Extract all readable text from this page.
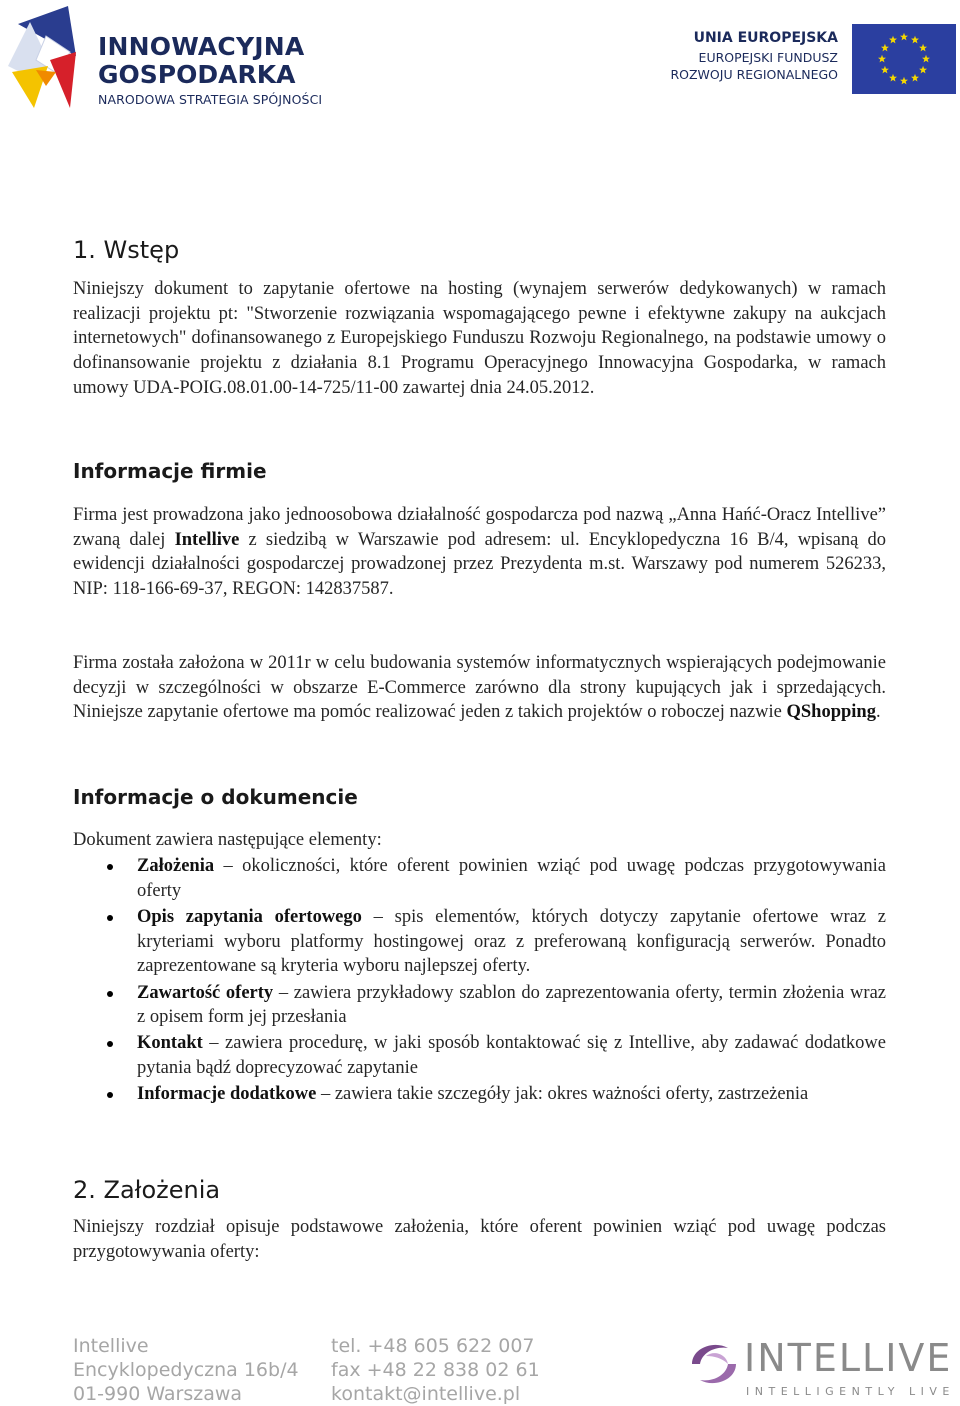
INNOWACYJNA
GOSPODARKA
NARODOWA STRATEGIA SPÓJNOŚCI
UNIA EUROPEJSKA
EUROPEJSKI FUNDUSZ
ROZWOJU REGIONALNEGO
1. Wstęp
Niniejszy dokument to zapytanie ofertowe na hosting (wynajem serwerów dedykowanych) w ramach realizacji projektu pt: "Stworzenie rozwiązania wspomagającego pewne i efektywne zakupy na aukcjach internetowych" dofinansowanego z Europejskiego Funduszu Rozwoju Regionalnego, na podstawie umowy o dofinansowanie projektu z działania 8.1 Programu Operacyjnego Innowacyjna Gospodarka, w ramach umowy UDA-POIG.08.01.00-14-725/11-00 zawartej dnia 24.05.2012.
Informacje firmie
Firma jest prowadzona jako jednoosobowa działalność gospodarcza pod nazwą „Anna Hańć-Oracz Intellive” zwaną dalej Intellive z siedzibą w Warszawie pod adresem: ul. Encyklopedyczna 16 B/4, wpisaną do ewidencji działalności gospodarczej prowadzonej przez Prezydenta m.st. Warszawy pod numerem 526233, NIP: 118-166-69-37, REGON: 142837587.
Firma została założona w 2011r w celu budowania systemów informatycznych wspierających podejmowanie decyzji w szczególności w obszarze E-Commerce zarówno dla strony kupujących jak i sprzedających. Niniejsze zapytanie ofertowe ma pomóc realizować jeden z takich projektów o roboczej nazwie QShopping.
Informacje o dokumencie
Dokument zawiera następujące elementy:
Założenia – okoliczności, które oferent powinien wziąć pod uwagę podczas przygotowywania oferty
Opis zapytania ofertowego – spis elementów, których dotyczy zapytanie ofertowe wraz z kryteriami wyboru platformy hostingowej oraz z preferowaną konfiguracją serwerów. Ponadto zaprezentowane są kryteria wyboru najlepszej oferty.
Zawartość oferty – zawiera przykładowy szablon do zaprezentowania oferty, termin złożenia wraz z opisem form jej przesłania
Kontakt – zawiera procedurę, w jaki sposób kontaktować się z Intellive, aby zadawać dodatkowe pytania bądź doprecyzować zapytanie
Informacje dodatkowe – zawiera takie szczegóły jak: okres ważności oferty, zastrzeżenia
2. Założenia
Niniejszy rozdział opisuje podstawowe założenia, które oferent powinien wziąć pod uwagę podczas przygotowywania oferty:
Intellive
Encyklopedyczna 16b/4
01-990 Warszawa
tel. +48 605 622 007
fax +48 22 838 02 61
kontakt@intellive.pl
INTELLIVE
INTELLIGENTLY LIVE
